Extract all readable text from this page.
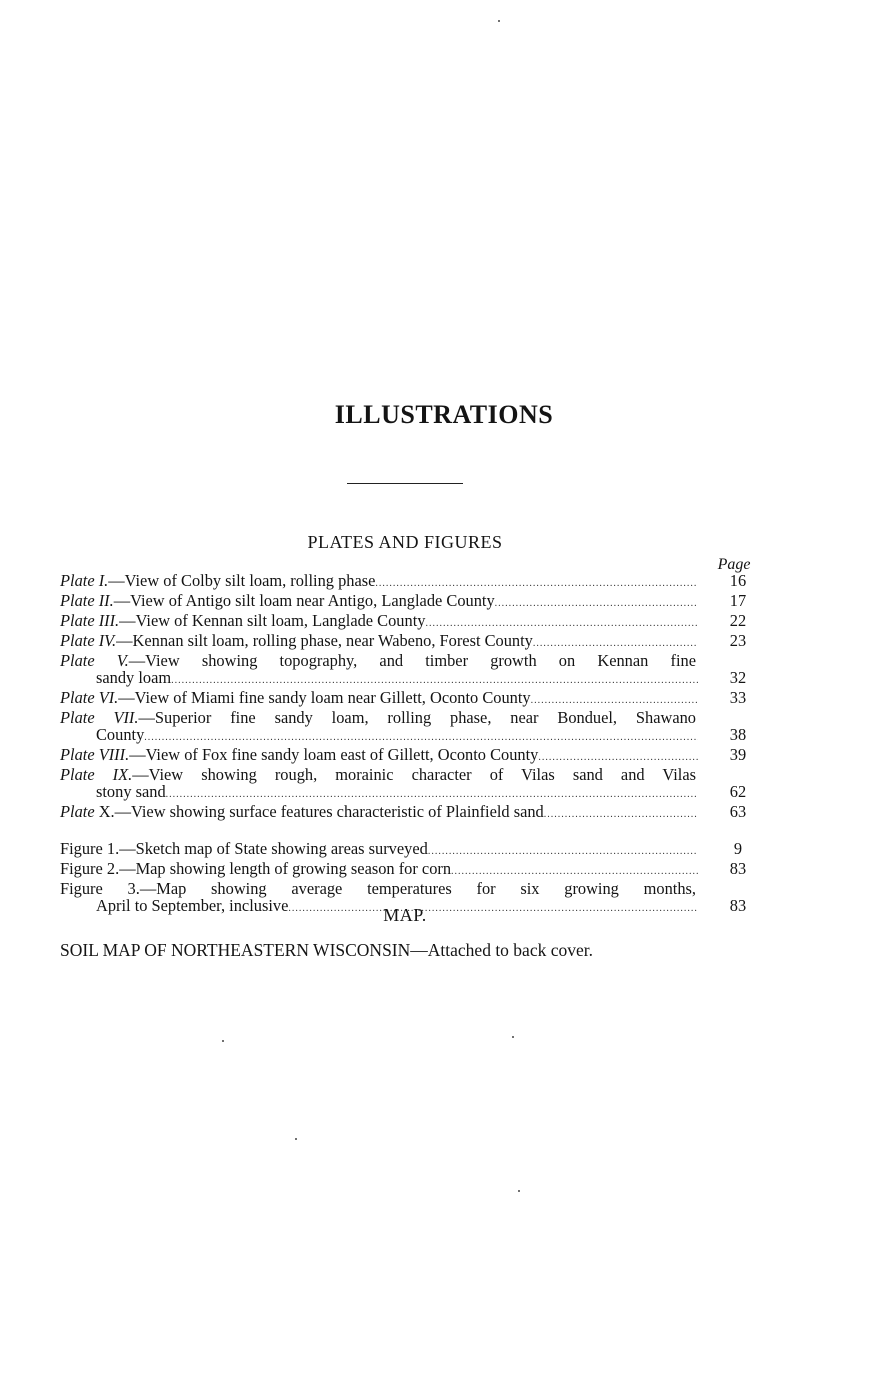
ILLUSTRATIONS
PLATES AND FIGURES
Page
Plate I.—View of Colby silt loam, rolling phase .....	16
Plate II.—View of Antigo silt loam near Antigo, Langlade County .....	17
Plate III.—View of Kennan silt loam, Langlade County .....	22
Plate IV.—Kennan silt loam, rolling phase, near Wabeno, Forest County .....	23
Plate V.—View showing topography, and timber growth on Kennan fine
sandy loam .....	32
Plate VI.—View of Miami fine sandy loam near Gillett, Oconto County .....	33
Plate VII.—Superior fine sandy loam, rolling phase, near Bonduel, Shawano
County .....	38
Plate VIII.—View of Fox fine sandy loam east of Gillett, Oconto County .....	39
Plate IX.—View showing rough, morainic character of Vilas sand and Vilas
stony sand .....	62
Plate X.—View showing surface features characteristic of Plainfield sand .....	63
Figure 1.—Sketch map of State showing areas surveyed .....	9
Figure 2.—Map showing length of growing season for corn .....	83
Figure 3.—Map showing average temperatures for six growing months,
April to September, inclusive .....	83
MAP.
SOIL MAP OF NORTHEASTERN WISCONSIN—Attached to back cover.
